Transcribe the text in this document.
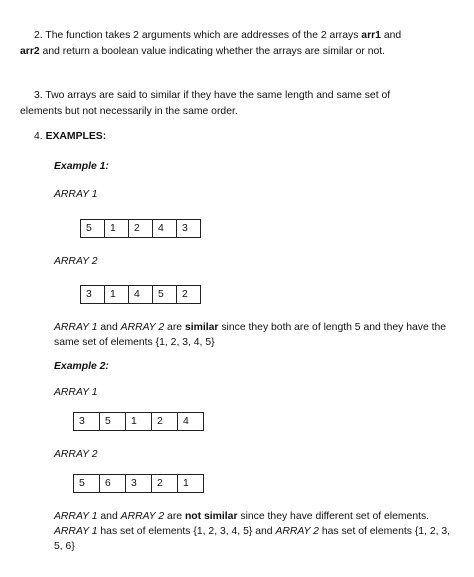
2. The function takes 2 arguments which are addresses of the 2 arrays arr1 and
arr2 and return a boolean value indicating whether the arrays are similar or not.
3. Two arrays are said to similar if they have the same length and same set of
elements but not necessarily in the same order.
4. EXAMPLES:
Example 1:
ARRAY 1
5	1	2	4	3
ARRAY 2
3	1	4	5	2
ARRAY 1 and ARRAY 2 are similar since they both are of length 5 and they have the
same set of elements {1, 2, 3, 4, 5}
Example 2:
ARRAY 1
3	5	1	2	4
ARRAY 2
5	6	3	2	1
ARRAY 1 and ARRAY 2 are not similar since they have different set of elements.
ARRAY 1 has set of elements {1, 2, 3, 4, 5} and ARRAY 2 has set of elements {1, 2, 3,
5, 6}
